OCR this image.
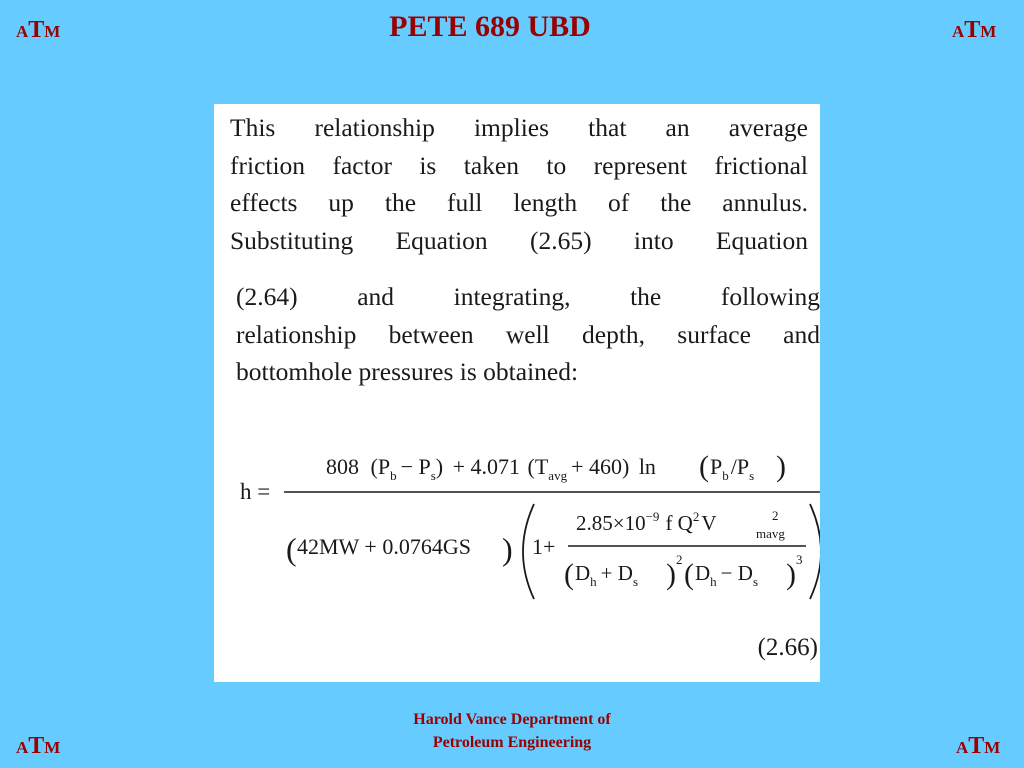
ATM	ATM
PETE 689 UBD
This relationship implies that an average
friction factor is taken to represent frictional
effects up the full length of the annulus.
Substituting Equation (2.65) into Equation
(2.64) and integrating, the following
relationship between well depth, surface and
bottomhole pressures is obtained:
h =
808 $(P_b - P_s) + 4.071$ $(T_{avg} + 460)$ ln ( $P_b/P_s$ )
( 42MW + 0.0764GS ) 1+
$2.85\times 10^{-9}$ f $Q^2V$	2
mavg
( $D_h + D_s$ ) 2 ( $D_h - D_s$ ) 3
(2.66)
Harold Vance Department of
Petroleum Engineering
ATM	ATM
